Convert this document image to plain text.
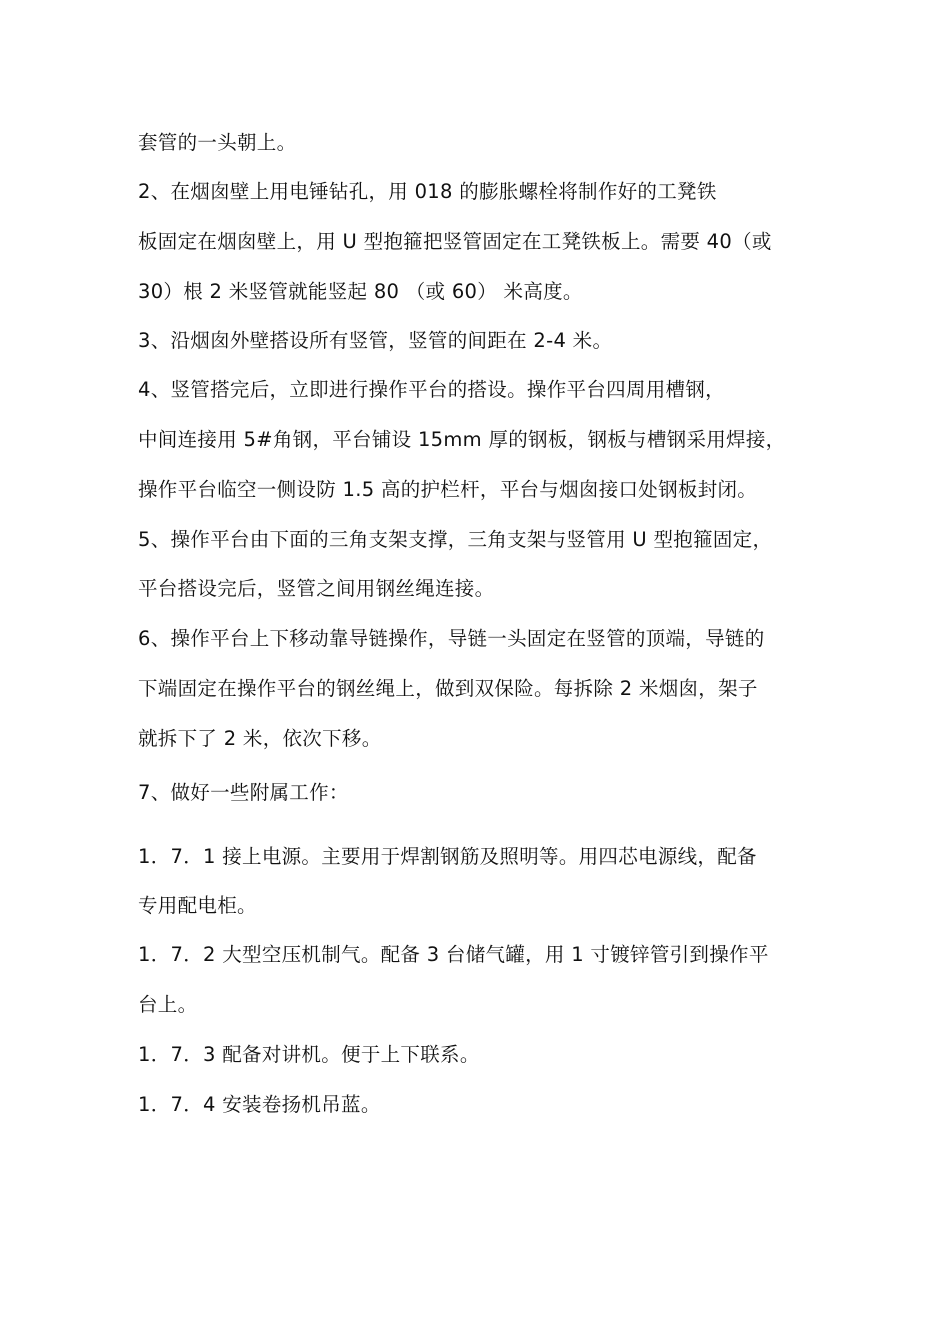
套管的一头朝上。
2、在烟囱壁上用电锤钻孔，用 018 的膨胀螺栓将制作好的工凳铁
板固定在烟囱壁上，用 U 型抱箍把竖管固定在工凳铁板上。需要 40（或
30）根 2 米竖管就能竖起 80 （或 60） 米高度。
3、沿烟囱外壁搭设所有竖管，竖管的间距在 2-4 米。
4、竖管搭完后，立即进行操作平台的搭设。操作平台四周用槽钢，
中间连接用 5#角钢，平台铺设 15mm 厚的钢板，钢板与槽钢采用焊接，
操作平台临空一侧设防 1.5 高的护栏杆，平台与烟囱接口处钢板封闭。
5、操作平台由下面的三角支架支撑，三角支架与竖管用 U 型抱箍固定，
平台搭设完后，竖管之间用钢丝绳连接。
6、操作平台上下移动靠导链操作，导链一头固定在竖管的顶端，导链的
下端固定在操作平台的钢丝绳上，做到双保险。每拆除 2 米烟囱，架子
就拆下了 2 米，依次下移。
7、做好一些附属工作：
1．7．1 接上电源。主要用于焊割钢筋及照明等。用四芯电源线，配备
专用配电柜。
1．7．2 大型空压机制气。配备 3 台储气罐，用 1 寸镀锌管引到操作平
台上。
1．7．3 配备对讲机。便于上下联系。
1．7．4 安装卷扬机吊蓝。
